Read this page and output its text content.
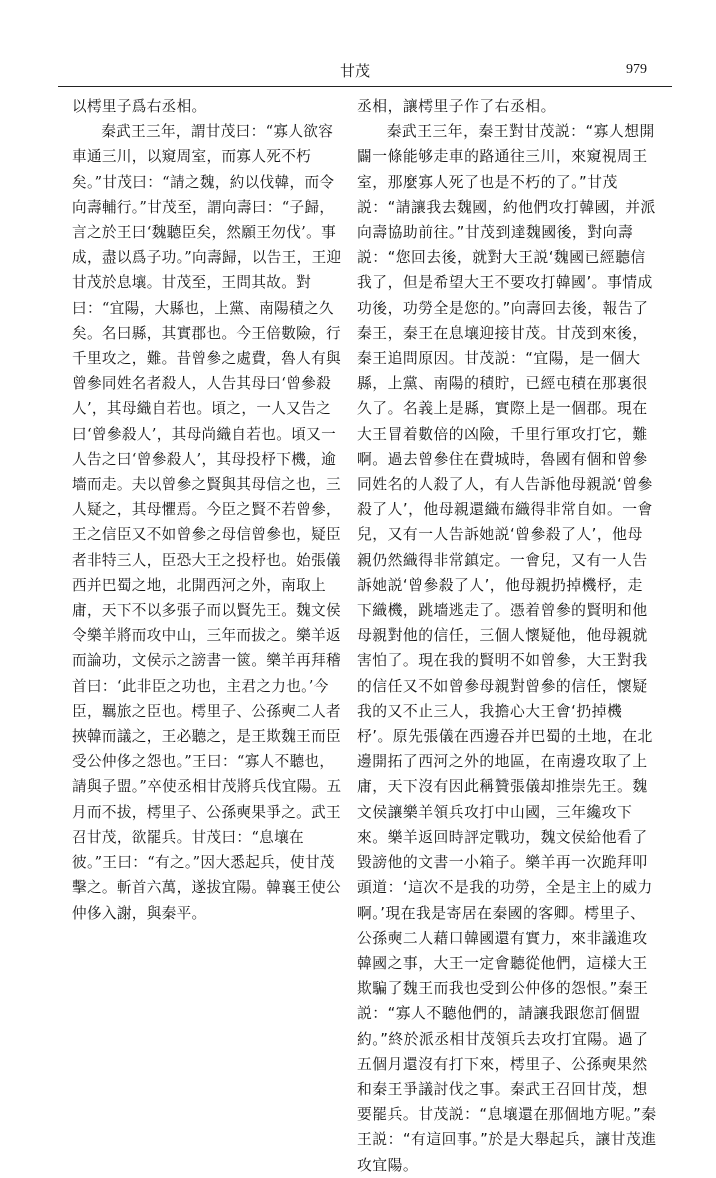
甘茂	979

以樗里子爲右丞相。

秦武王三年，謂甘茂曰：“寡人欲容車通三川，以窺周室，而寡人死不朽矣。”甘茂曰：“請之魏，約以伐韓，而令向壽輔行。”甘茂至，謂向壽曰：“子歸，言之於王曰‘魏聽臣矣，然願王勿伐’。事成，盡以爲子功。”向壽歸，以告王，王迎甘茂於息壤。甘茂至，王問其故。對曰：“宜陽，大縣也，上黨、南陽積之久矣。名曰縣，其實郡也。今王倍數險，行千里攻之，難。昔曾參之處費，魯人有與曾參同姓名者殺人，人告其母曰‘曾參殺人’，其母織自若也。頃之，一人又告之曰‘曾參殺人’，其母尚織自若也。頃又一人告之曰‘曾參殺人’，其母投杼下機，逾墻而走。夫以曾參之賢與其母信之也，三人疑之，其母懼焉。今臣之賢不若曾參，王之信臣又不如曾參之母信曾參也，疑臣者非特三人，臣恐大王之投杼也。始張儀西并巴蜀之地，北開西河之外，南取上庸，天下不以多張子而以賢先王。魏文侯令樂羊將而攻中山，三年而拔之。樂羊返而論功，文侯示之謗書一篋。樂羊再拜稽首曰：‘此非臣之功也，主君之力也。’今臣，羈旅之臣也。樗里子、公孫奭二人者挾韓而議之，王必聽之，是王欺魏王而臣受公仲侈之怨也。”王曰：“寡人不聽也，請與子盟。”卒使丞相甘茂將兵伐宜陽。五月而不拔，樗里子、公孫奭果爭之。武王召甘茂，欲罷兵。甘茂曰：“息壤在彼。”王曰：“有之。”因大悉起兵，使甘茂擊之。斬首六萬，遂拔宜陽。韓襄王使公仲侈入謝，與秦平。

丞相，讓樗里子作了右丞相。

秦武王三年，秦王對甘茂説：“寡人想開闢一條能够走車的路通往三川，來窺視周王室，那麼寡人死了也是不朽的了。”甘茂説：“請讓我去魏國，約他們攻打韓國，并派向壽協助前往。”甘茂到達魏國後，對向壽説：“您回去後，就對大王説‘魏國已經聽信我了，但是希望大王不要攻打韓國’。事情成功後，功勞全是您的。”向壽回去後，報告了秦王，秦王在息壤迎接甘茂。甘茂到來後，秦王追問原因。甘茂説：“宜陽，是一個大縣，上黨、南陽的積貯，已經屯積在那裏很久了。名義上是縣，實際上是一個郡。現在大王冒着數倍的凶險，千里行軍攻打它，難啊。過去曾參住在費城時，魯國有個和曾參同姓名的人殺了人，有人告訴他母親説‘曾參殺了人’，他母親還織布織得非常自如。一會兒，又有一人告訴她説‘曾參殺了人’，他母親仍然織得非常鎮定。一會兒，又有一人告訴她説‘曾參殺了人’，他母親扔掉機杼，走下織機，跳墻逃走了。憑着曾參的賢明和他母親對他的信任，三個人懷疑他，他母親就害怕了。現在我的賢明不如曾參，大王對我的信任又不如曾參母親對曾參的信任，懷疑我的又不止三人，我擔心大王會‘扔掉機杼’。原先張儀在西邊吞并巴蜀的土地，在北邊開拓了西河之外的地區，在南邊攻取了上庸，天下沒有因此稱贊張儀却推崇先王。魏文侯讓樂羊領兵攻打中山國，三年纔攻下來。樂羊返回時評定戰功，魏文侯給他看了毀謗他的文書一小箱子。樂羊再一次跪拜叩頭道：‘這次不是我的功勞，全是主上的威力啊。’現在我是寄居在秦國的客卿。樗里子、公孫奭二人藉口韓國還有實力，來非議進攻韓國之事，大王一定會聽從他們，這樣大王欺騙了魏王而我也受到公仲侈的怨恨。”秦王説：“寡人不聽他們的，請讓我跟您訂個盟約。”終於派丞相甘茂領兵去攻打宜陽。過了五個月還沒有打下來，樗里子、公孫奭果然和秦王爭議討伐之事。秦武王召回甘茂，想要罷兵。甘茂説：“息壤還在那個地方呢。”秦王説：“有這回事。”於是大舉起兵，讓甘茂進攻宜陽。
